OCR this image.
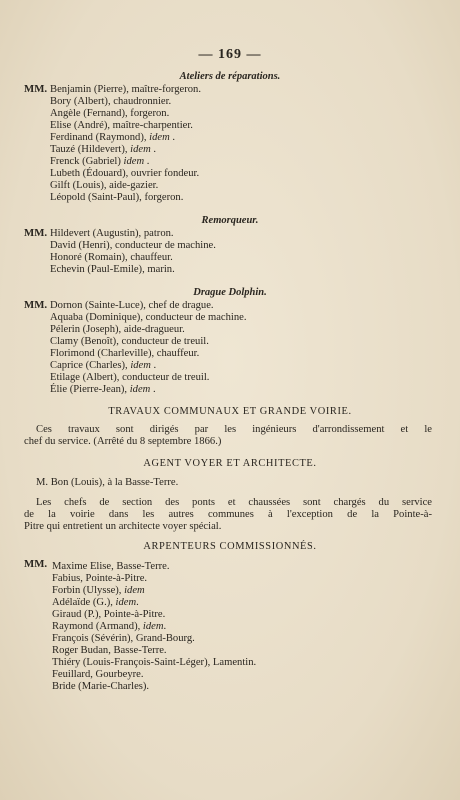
— 169 —
Ateliers de réparations.
MM. Benjamin (Pierre), maître-forgeron.
Bory (Albert), chaudronnier.
Angèle (Fernand), forgeron.
Elise (André), maître-charpentier.
Ferdinand (Raymond), idem .
Tauzé (Hildevert), idem .
Frenck (Gabriel) idem .
Lubeth (Édouard), ouvrier fondeur.
Gilft (Louis), aide-gazier.
Léopold (Saint-Paul), forgeron.
Remorqueur.
MM. Hildevert (Augustin), patron.
David (Henri), conducteur de machine.
Honoré (Romain), chauffeur.
Echevin (Paul-Emile), marin.
Drague Dolphin.
MM. Dornon (Sainte-Luce), chef de drague.
Aquaba (Dominique), conducteur de machine.
Pélerin (Joseph), aide-dragueur.
Clamy (Benoît), conducteur de treuil.
Florimond (Charleville), chauffeur.
Caprice (Charles), idem .
Etilage (Albert), conducteur de treuil.
Élie (Pierre-Jean), idem .
TRAVAUX COMMUNAUX ET GRANDE VOIRIE.
Ces travaux sont dirigés par les ingénieurs d'arrondissement et le
chef du service. (Arrêté du 8 septembre 1866.)
AGENT VOYER ET ARCHITECTE.
M. Bon (Louis), à la Basse-Terre.
Les chefs de section des ponts et chaussées sont chargés du service
de la voirie dans les autres communes à l'exception de la Pointe-à-
Pitre qui entretient un architecte voyer spécial.
ARPENTEURS COMMISSIONNÉS.
MM. Maxime Elise, Basse-Terre.
Fabius, Pointe-à-Pitre.
Forbin (Ulysse), idem
Adélaïde (G.), idem.
Giraud (P.), Pointe-à-Pitre.
Raymond (Armand), idem.
François (Sévérin), Grand-Bourg.
Roger Budan, Basse-Terre.
Thiéry (Louis-François-Saint-Léger), Lamentin.
Feuillard, Gourbeyre.
Bride (Marie-Charles).
